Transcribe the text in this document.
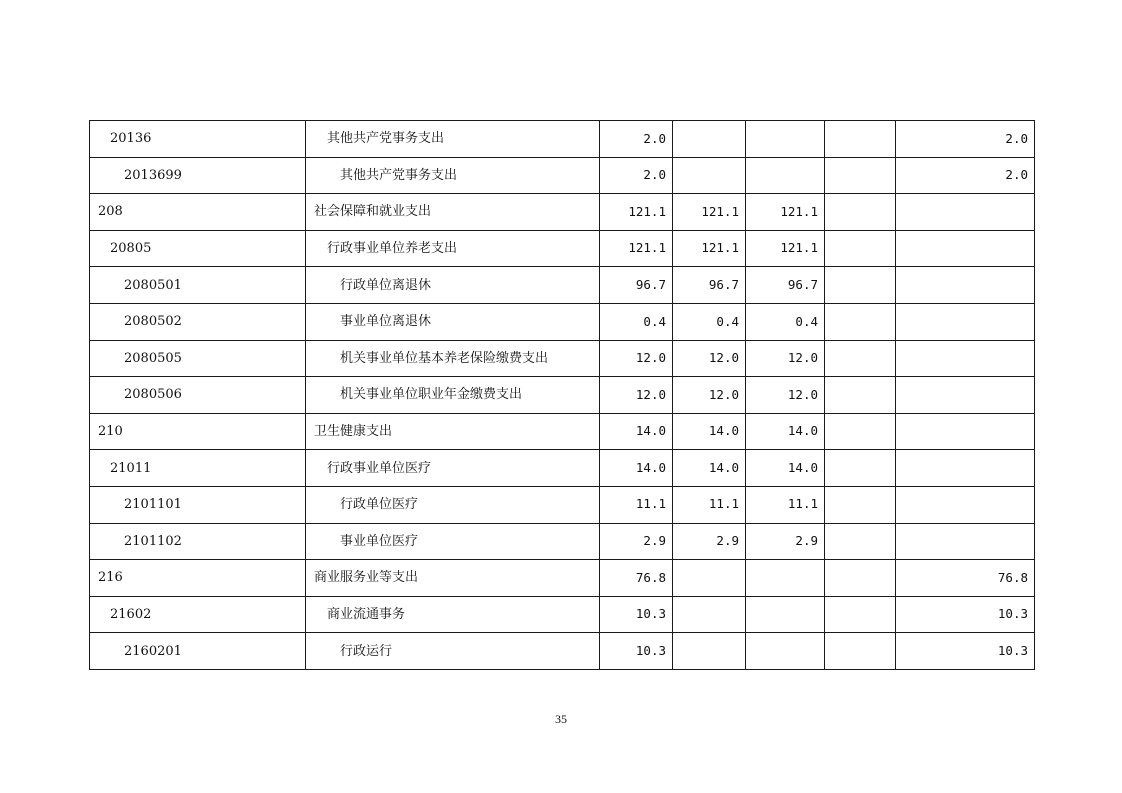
20136	其他共产党事务支出	2.0				2.0
2013699	其他共产党事务支出	2.0				2.0
208	社会保障和就业支出	121.1	121.1	121.1		
20805	行政事业单位养老支出	121.1	121.1	121.1		
2080501	行政单位离退休	96.7	96.7	96.7		
2080502	事业单位离退休	0.4	0.4	0.4		
2080505	机关事业单位基本养老保险缴费支出	12.0	12.0	12.0		
2080506	机关事业单位职业年金缴费支出	12.0	12.0	12.0		
210	卫生健康支出	14.0	14.0	14.0		
21011	行政事业单位医疗	14.0	14.0	14.0		
2101101	行政单位医疗	11.1	11.1	11.1		
2101102	事业单位医疗	2.9	2.9	2.9		
216	商业服务业等支出	76.8				76.8
21602	商业流通事务	10.3				10.3
2160201	行政运行	10.3				10.3
35
